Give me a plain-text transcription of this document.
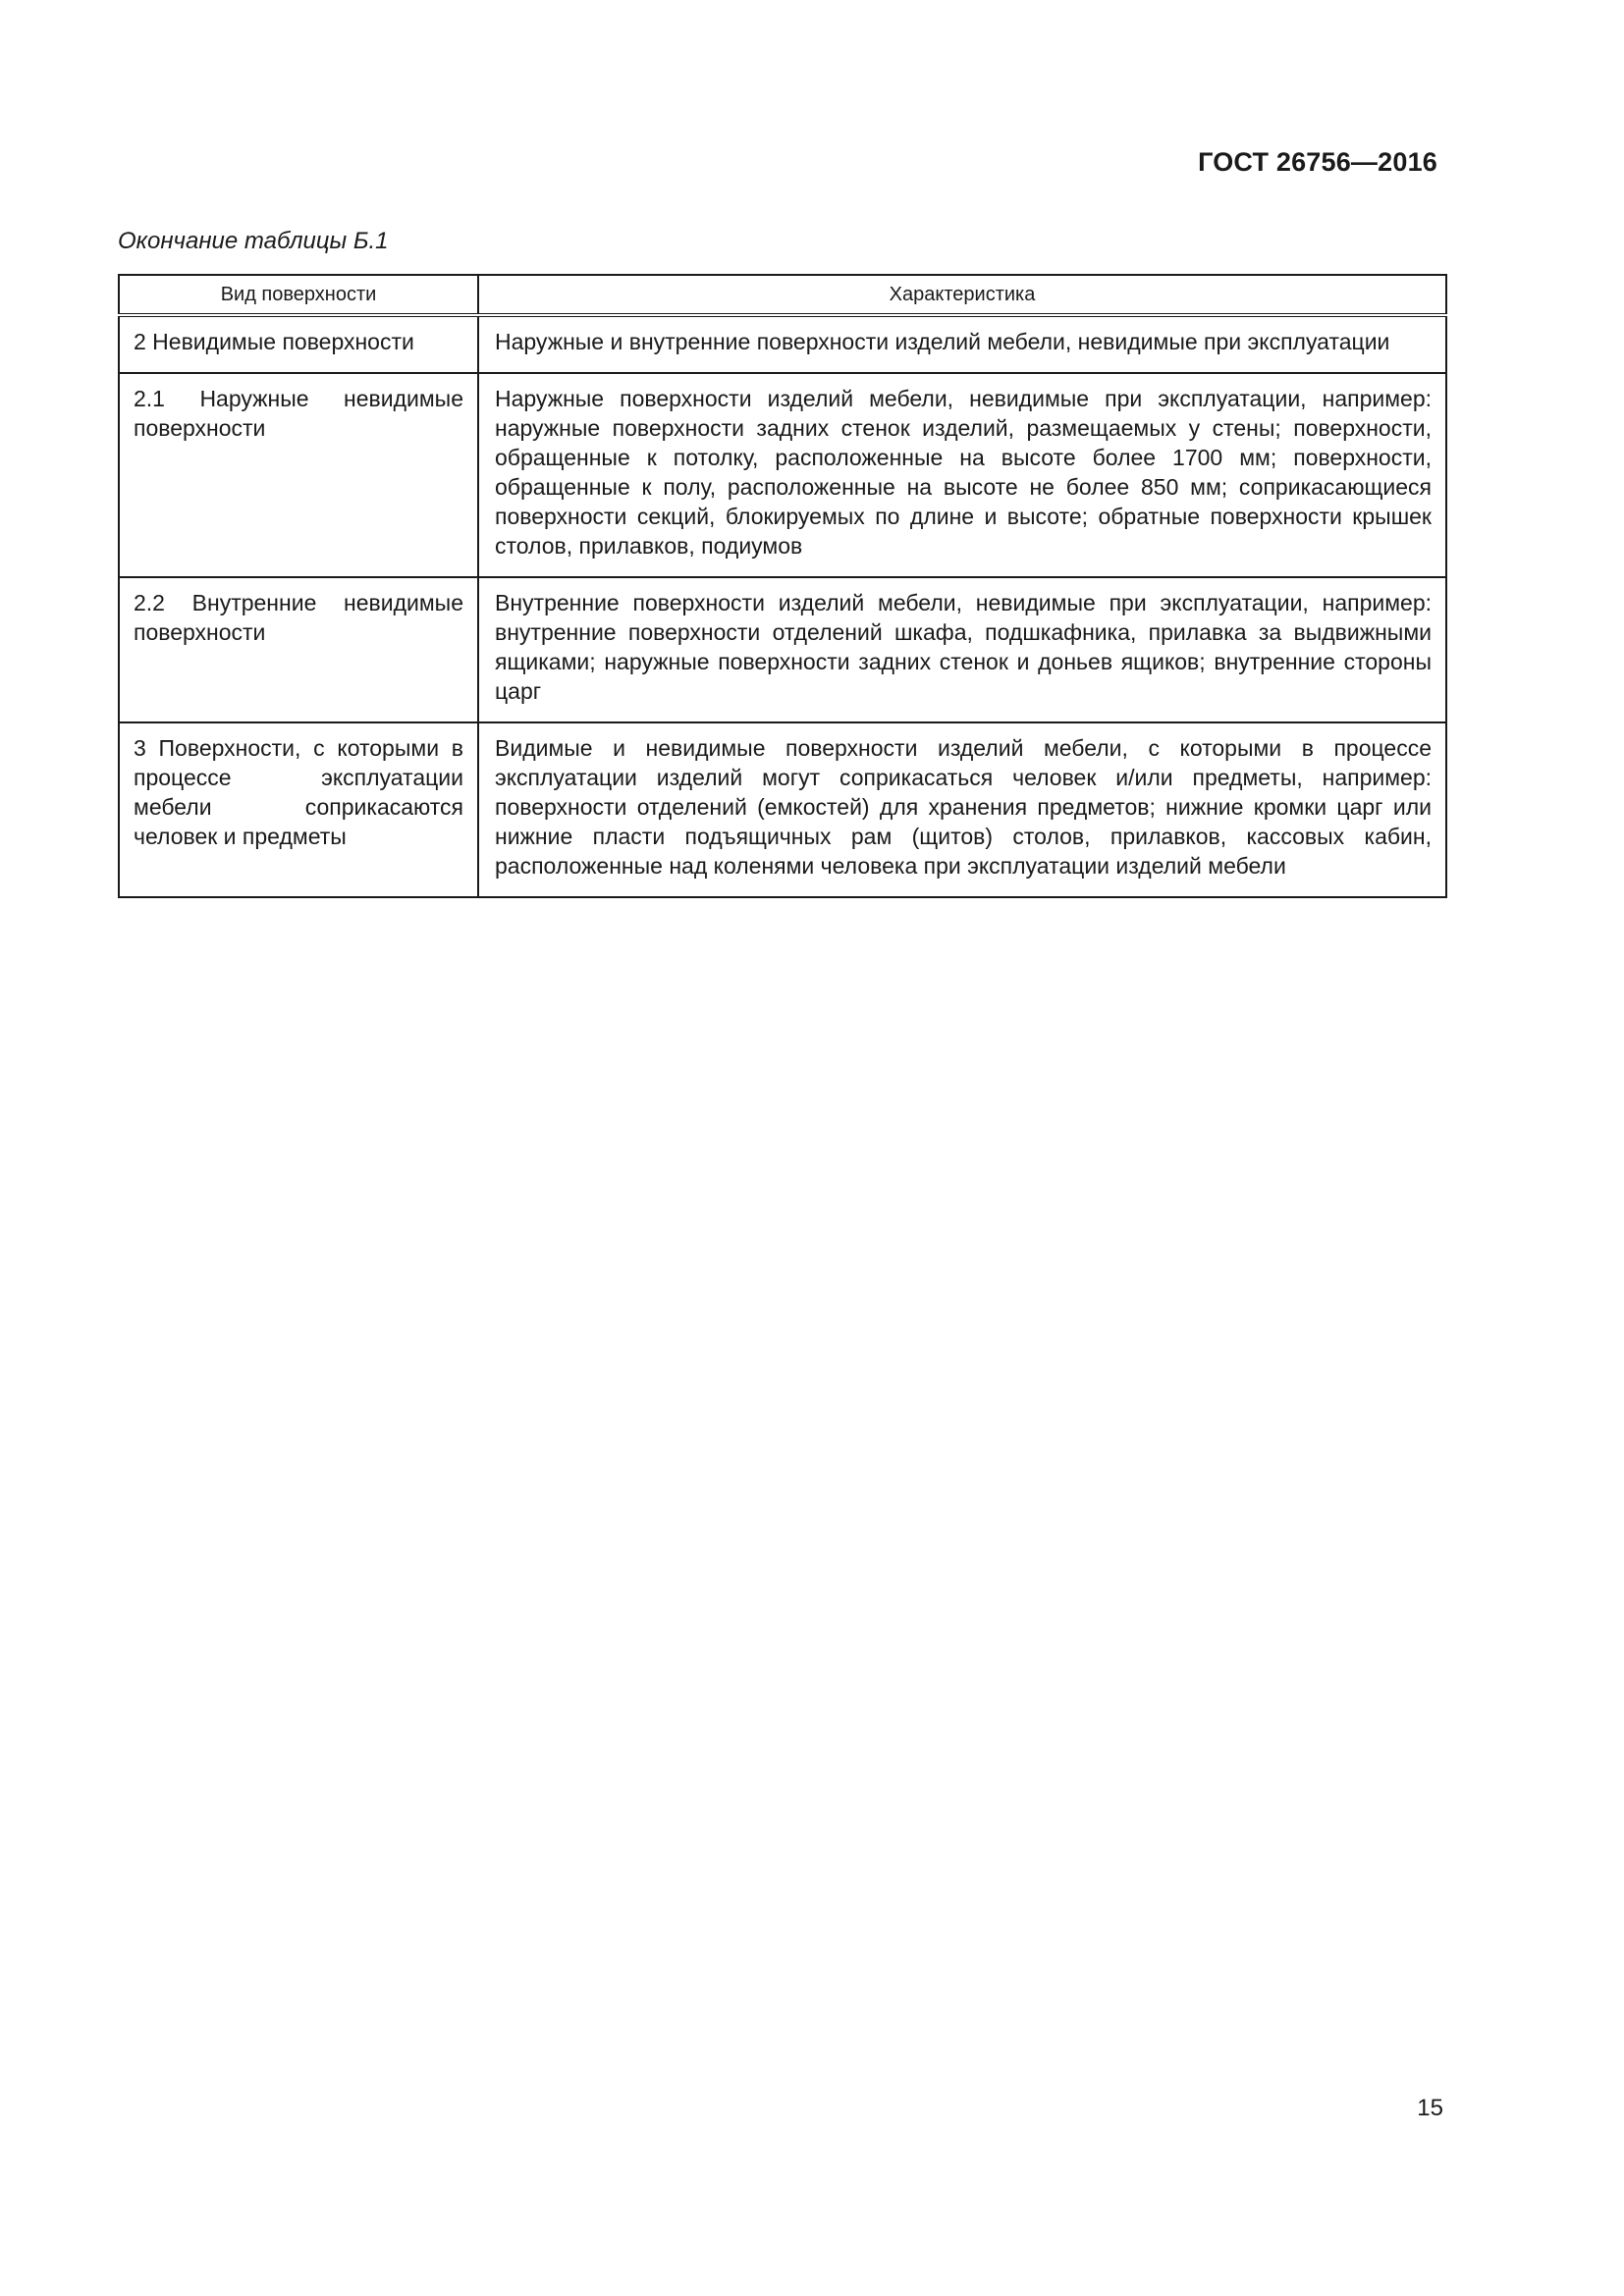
ГОСТ 26756—2016
Окончание таблицы Б.1
Вид поверхности	Характеристика
2 Невидимые поверхности	Наружные и внутренние поверхности изделий мебели, невидимые при эксплуатации
2.1 Наружные невидимые поверхности	Наружные поверхности изделий мебели, невидимые при эксплуатации, например: наружные поверхности задних стенок изделий, размещаемых у стены; поверхности, обращенные к потолку, расположенные на высоте более 1700 мм; поверхности, обращенные к полу, расположенные на высоте не более 850 мм; соприкасающиеся поверхности секций, блокируемых по длине и высоте; обратные поверхности крышек столов, прилавков, подиумов
2.2 Внутренние невидимые поверхности	Внутренние поверхности изделий мебели, невидимые при эксплуатации, например: внутренние поверхности отделений шкафа, подшкафника, прилавка за выдвижными ящиками; наружные поверхности задних стенок и доньев ящиков; внутренние стороны царг
3 Поверхности, с которыми в процессе эксплуатации мебели соприкасаются человек и предметы	Видимые и невидимые поверхности изделий мебели, с которыми в процессе эксплуатации изделий могут соприкасаться человек и/или предметы, например: поверхности отделений (емкостей) для хранения предметов; нижние кромки царг или нижние пласти подъящичных рам (щитов) столов, прилавков, кассовых кабин, расположенные над коленями человека при эксплуатации изделий мебели
15
